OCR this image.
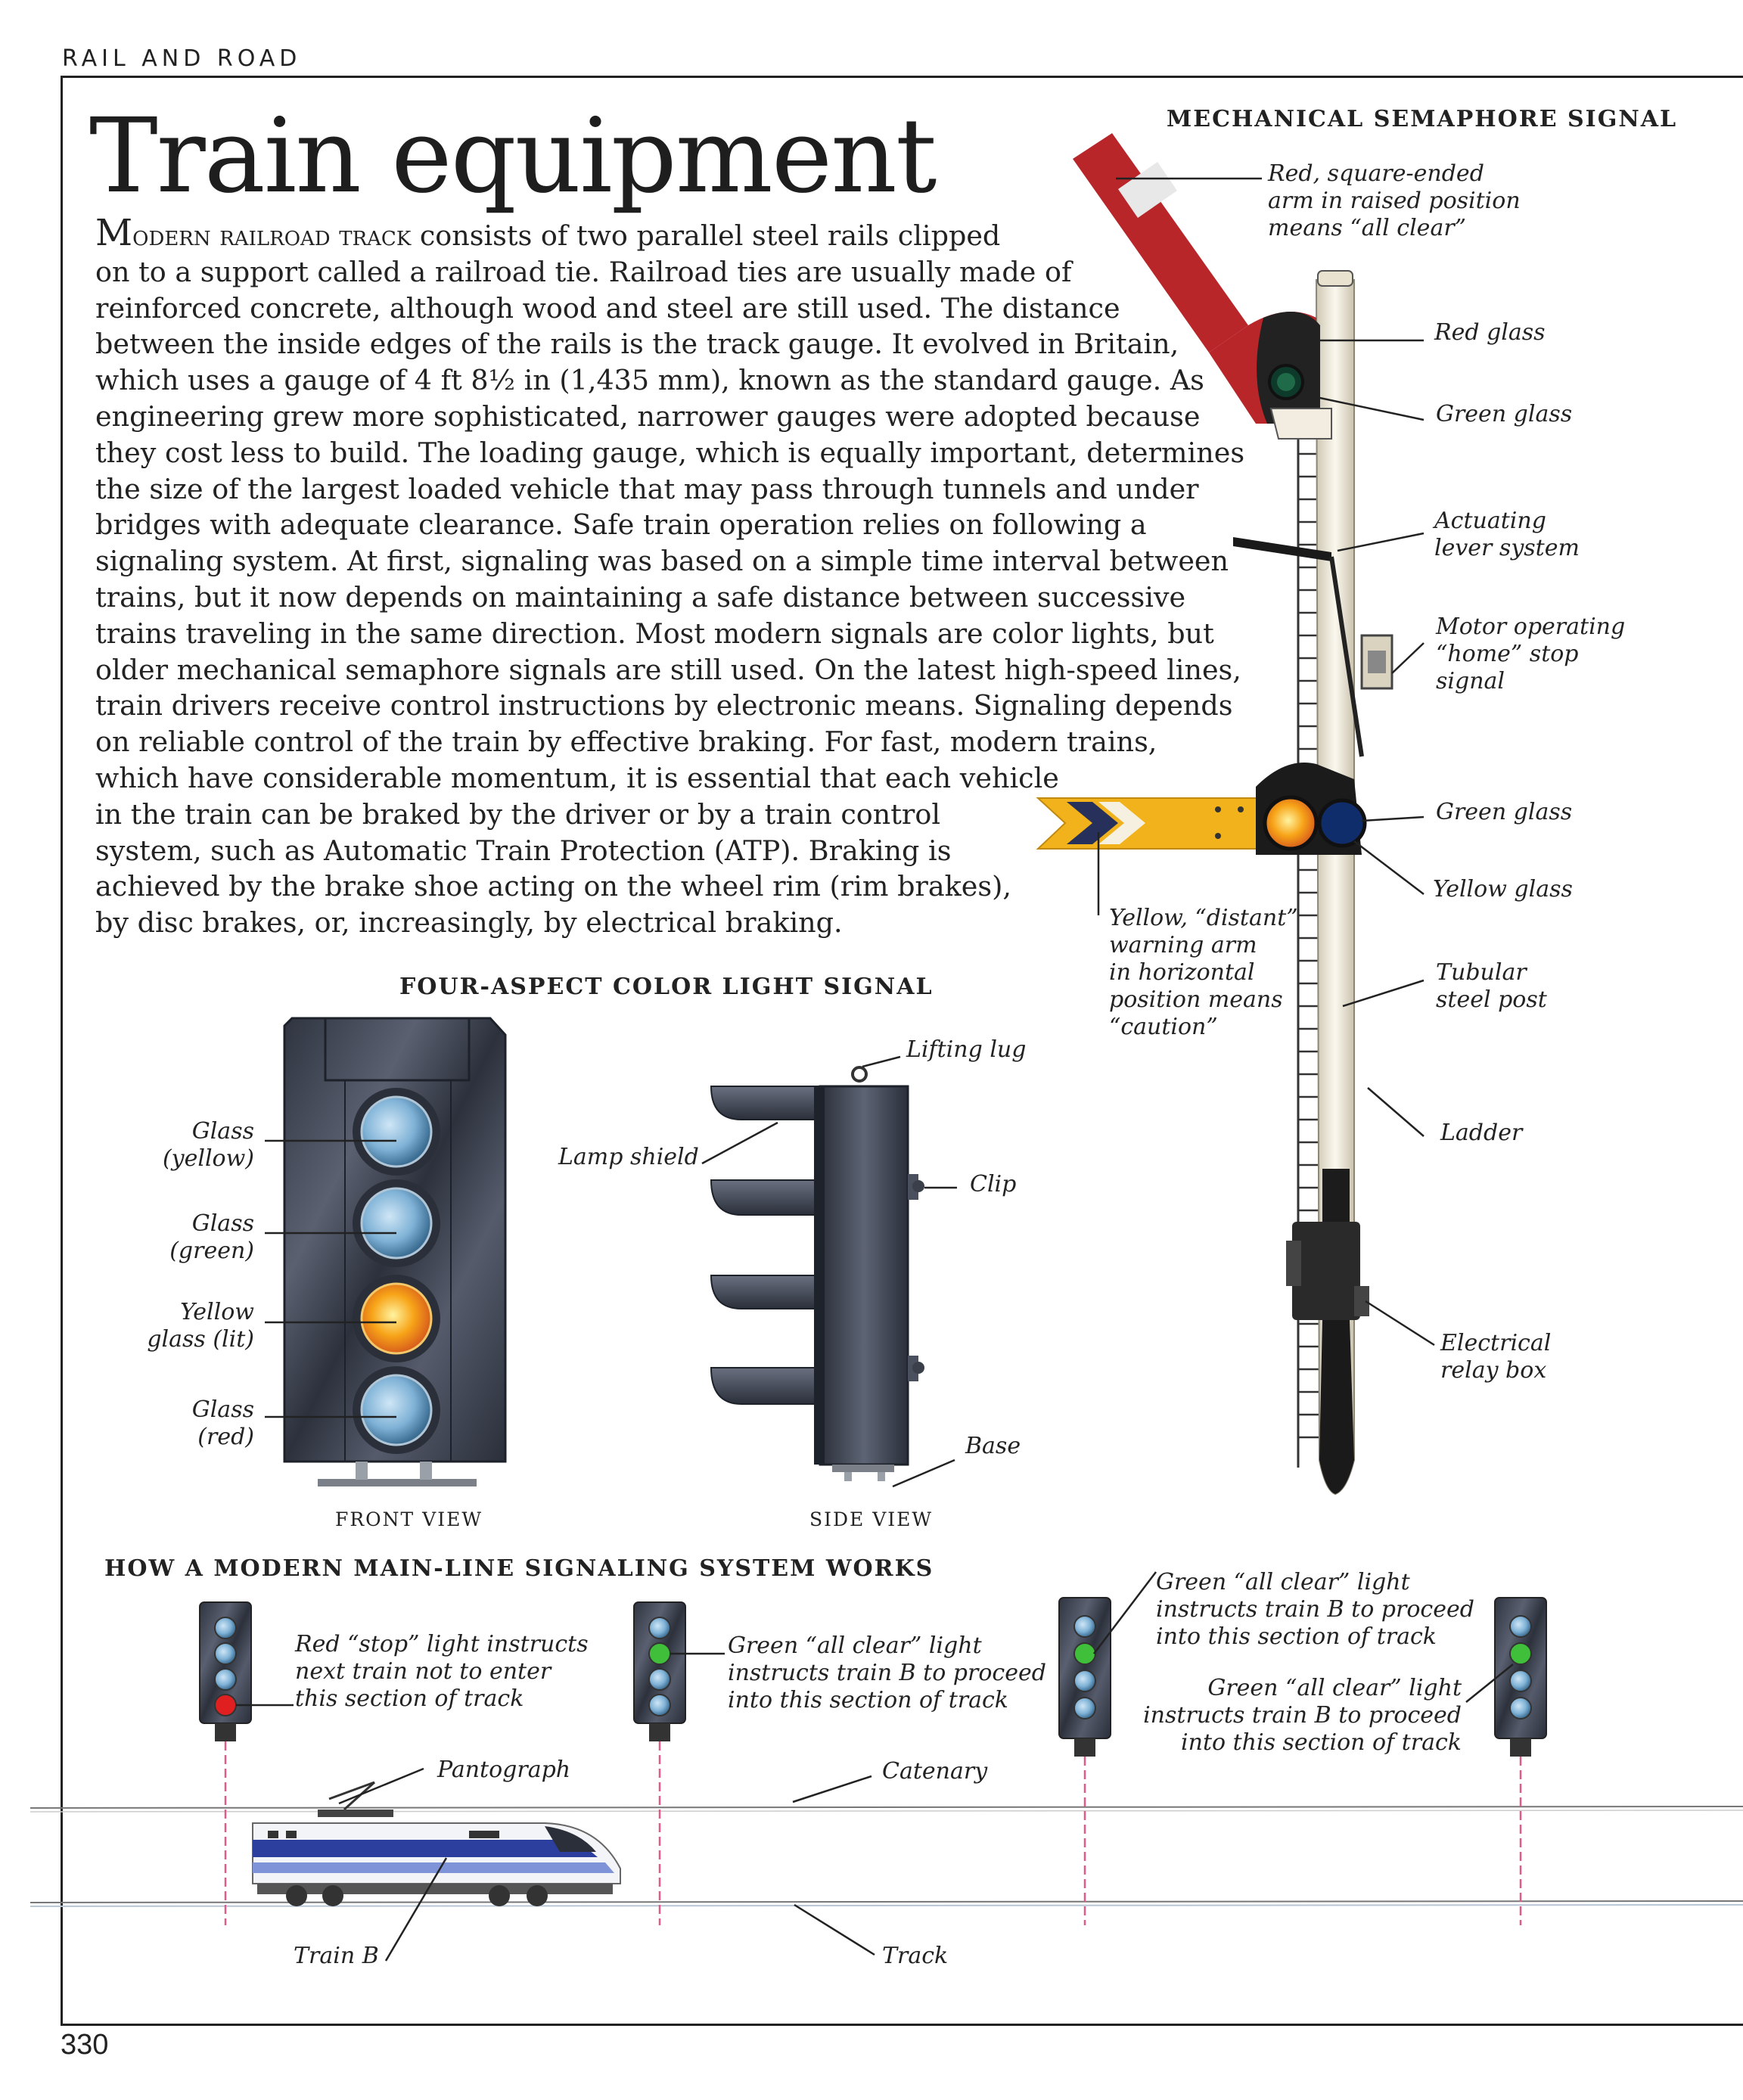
RAIL AND ROAD
Train equipment

Modern railroad track consists of two parallel steel rails clipped

on to a support called a railroad tie. Railroad ties are usually made of

reinforced concrete, although wood and steel are still used. The distance

between the inside edges of the rails is the track gauge. It evolved in Britain,

which uses a gauge of 4 ft 8½ in (1,435 mm), known as the standard gauge. As

engineering grew more sophisticated, narrower gauges were adopted because

they cost less to build. The loading gauge, which is equally important, determines

the size of the largest loaded vehicle that may pass through tunnels and under

bridges with adequate clearance. Safe train operation relies on following a

signaling system. At first, signaling was based on a simple time interval between

trains, but it now depends on maintaining a safe distance between successive

trains traveling in the same direction. Most modern signals are color lights, but

older mechanical semaphore signals are still used. On the latest high-speed lines,

train drivers receive control instructions by electronic means. Signaling depends

on reliable control of the train by effective braking. For fast, modern trains,

which have considerable momentum, it is essential that each vehicle

in the train can be braked by the driver or by a train control

system, such as Automatic Train Protection (ATP). Braking is

achieved by the brake shoe acting on the wheel rim (rim brakes),

by disc brakes, or, increasingly, by electrical braking.

MECHANICAL SEMAPHORE SIGNAL
FOUR-ASPECT COLOR LIGHT SIGNAL
FRONT VIEW	SIDE VIEW
HOW A MODERN MAIN-LINE SIGNALING SYSTEM WORKS
Red, square-ended
arm in raised position
means “all clear”
Red glass
Green glass
Actuating
lever system
Motor operating
“home” stop
signal
Green glass
Yellow glass
Yellow, “distant”
warning arm
in horizontal
position means
“caution”
Tubular
steel post
Ladder
Electrical
relay box
Glass
(yellow)
Glass
(green)
Yellow
glass (lit)
Glass
(red)
Lamp shield
Lifting lug
Clip
Base
Red “stop” light instructs
next train not to enter
this section of track
Green “all clear” light
instructs train B to proceed
into this section of track
Green “all clear” light
instructs train B to proceed
into this section of track
Green “all clear” light
instructs train B to proceed
into this section of track
Pantograph	Catenary
Train B	Track
330
